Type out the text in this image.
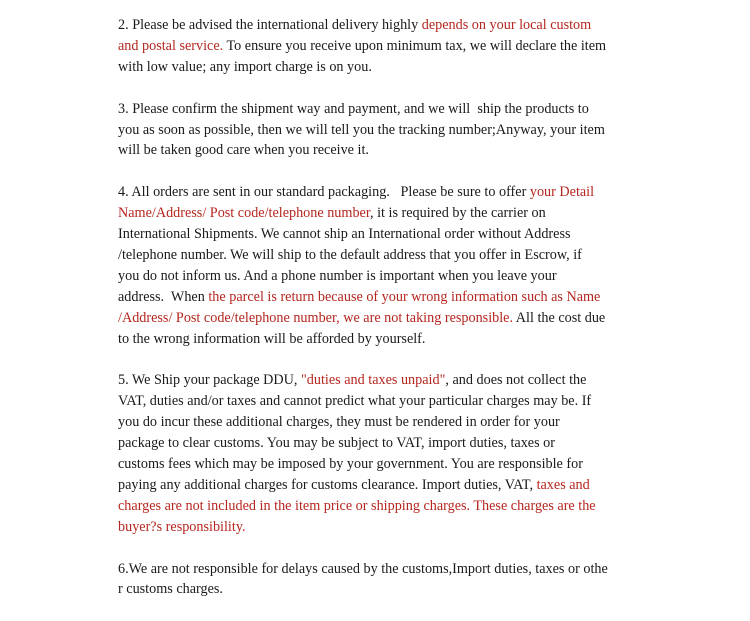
2. Please be advised the international delivery highly depends on your local custom
and postal service. To ensure you receive upon minimum tax, we will declare the item
with low value; any import charge is on you.

3. Please confirm the shipment way and payment, and we will  ship the products to
you as soon as possible, then we will tell you the tracking number;Anyway, your item
will be taken good care when you receive it.

4. All orders are sent in our standard packaging.   Please be sure to offer your Detail
Name/Address/ Post code/telephone number, it is required by the carrier on
International Shipments. We cannot ship an International order without Address
/telephone number. We will ship to the default address that you offer in Escrow, if
you do not inform us. And a phone number is important when you leave your
address.  When the parcel is return because of your wrong information such as Name
/Address/ Post code/telephone number, we are not taking responsible. All the cost due
to the wrong information will be afforded by yourself.

5. We Ship your package DDU, "duties and taxes unpaid", and does not collect the
VAT, duties and/or taxes and cannot predict what your particular charges may be. If
you do incur these additional charges, they must be rendered in order for your
package to clear customs. You may be subject to VAT, import duties, taxes or
customs fees which may be imposed by your government. You are responsible for
paying any additional charges for customs clearance. Import duties, VAT, taxes and
charges are not included in the item price or shipping charges. These charges are the
buyer?s responsibility.

6.We are not responsible for delays caused by the customs,Import duties, taxes or othe
r customs charges.
